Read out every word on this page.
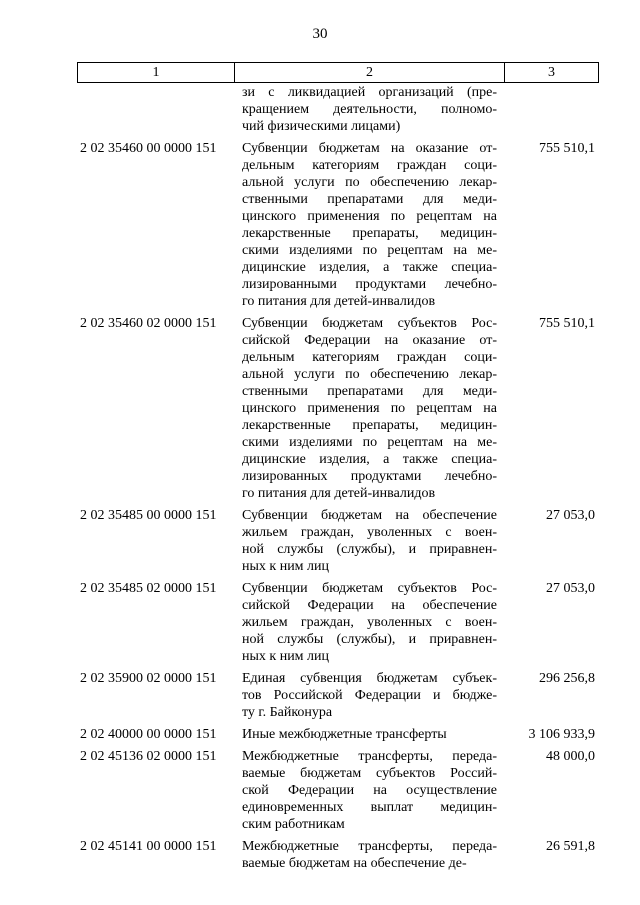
30
1	2	3
зи с ликвидацией организаций (пре-
кращением деятельности, полномо-
чий физическими лицами)
2 02 35460 00 0000 151	Субвенции бюджетам на оказание от-
дельным категориям граждан соци-
альной услуги по обеспечению лекар-
ственными препаратами для меди-
цинского применения по рецептам на
лекарственные препараты, медицин-
скими изделиями по рецептам на ме-
дицинские изделия, а также специа-
лизированными продуктами лечебно-
го питания для детей-инвалидов
755 510,1
2 02 35460 02 0000 151	Субвенции бюджетам субъектов Рос-
сийской Федерации на оказание от-
дельным категориям граждан соци-
альной услуги по обеспечению лекар-
ственными препаратами для меди-
цинского применения по рецептам на
лекарственные препараты, медицин-
скими изделиями по рецептам на ме-
дицинские изделия, а также специа-
лизированных продуктами лечебно-
го питания для детей-инвалидов
755 510,1
2 02 35485 00 0000 151	Субвенции бюджетам на обеспечение
жильем граждан, уволенных с воен-
ной службы (службы), и приравнен-
ных к ним лиц
27 053,0
2 02 35485 02 0000 151	Субвенции бюджетам субъектов Рос-
сийской Федерации на обеспечение
жильем граждан, уволенных с воен-
ной службы (службы), и приравнен-
ных к ним лиц
27 053,0
2 02 35900 02 0000 151	Единая субвенция бюджетам субъек-
тов Российской Федерации и бюдже-
ту г. Байконура
296 256,8
2 02 40000 00 0000 151	Иные межбюджетные трансферты	3 106 933,9
2 02 45136 02 0000 151	Межбюджетные трансферты, переда-
ваемые бюджетам субъектов Россий-
ской Федерации на осуществление
единовременных выплат медицин-
ским работникам
48 000,0
2 02 45141 00 0000 151	Межбюджетные трансферты, переда-
ваемые бюджетам на обеспечение де-
26 591,8
